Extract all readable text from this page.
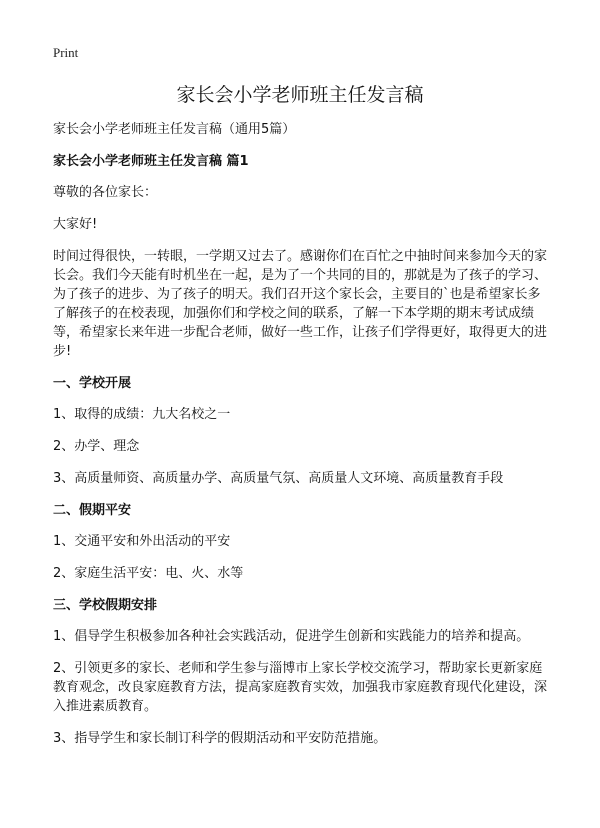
Print
家长会小学老师班主任发言稿

家长会小学老师班主任发言稿（通用5篇）

家长会小学老师班主任发言稿 篇1

尊敬的各位家长：

大家好!

时间过得很快，一转眼，一学期又过去了。感谢你们在百忙之中抽时间来参加今天的家长会。我们今天能有时机坐在一起，是为了一个共同的目的，那就是为了孩子的学习、为了孩子的进步、为了孩子的明天。我们召开这个家长会，主要目的`也是希望家长多了解孩子的在校表现，加强你们和学校之间的联系，了解一下本学期的期末考试成绩等，希望家长来年进一步配合老师，做好一些工作，让孩子们学得更好，取得更大的进步!

一、学校开展

1、取得的成绩：九大名校之一

2、办学、理念

3、高质量师资、高质量办学、高质量气氛、高质量人文环境、高质量教育手段

二、假期平安

1、交通平安和外出活动的平安

2、家庭生活平安：电、火、水等

三、学校假期安排

1、倡导学生积极参加各种社会实践活动，促进学生创新和实践能力的培养和提高。

2、引领更多的家长、老师和学生参与淄博市上家长学校交流学习，帮助家长更新家庭教育观念，改良家庭教育方法，提高家庭教育实效，加强我市家庭教育现代化建设，深入推进素质教育。

3、指导学生和家长制订科学的假期活动和平安防范措施。
